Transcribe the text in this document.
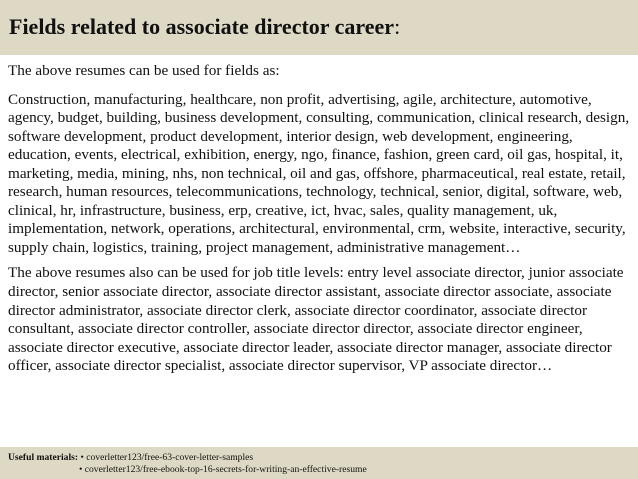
Fields related to associate director career:

The above resumes can be used for fields as:

Construction, manufacturing, healthcare, non profit, advertising, agile, architecture, automotive, agency, budget, building, business development, consulting, communication, clinical research, design, software development, product development, interior design, web development, engineering, education, events, electrical, exhibition, energy, ngo, finance, fashion, green card, oil gas, hospital, it, marketing, media, mining, nhs, non technical, oil and gas, offshore, pharmaceutical, real estate, retail, research, human resources, telecommunications, technology, technical, senior, digital, software, web, clinical, hr, infrastructure, business, erp, creative, ict, hvac, sales, quality management, uk, implementation, network, operations, architectural, environmental, crm, website, interactive, security, supply chain, logistics, training, project management, administrative management…

The above resumes also can be used for job title levels: entry level associate director, junior associate director, senior associate director, associate director assistant, associate director associate, associate director administrator, associate director clerk, associate director coordinator, associate director consultant, associate director controller, associate director director, associate director engineer, associate director executive, associate director leader, associate director manager, associate director officer, associate director specialist, associate director supervisor, VP associate director…

Useful materials: • coverletter123/free-63-cover-letter-samples
• coverletter123/free-ebook-top-16-secrets-for-writing-an-effective-resume
